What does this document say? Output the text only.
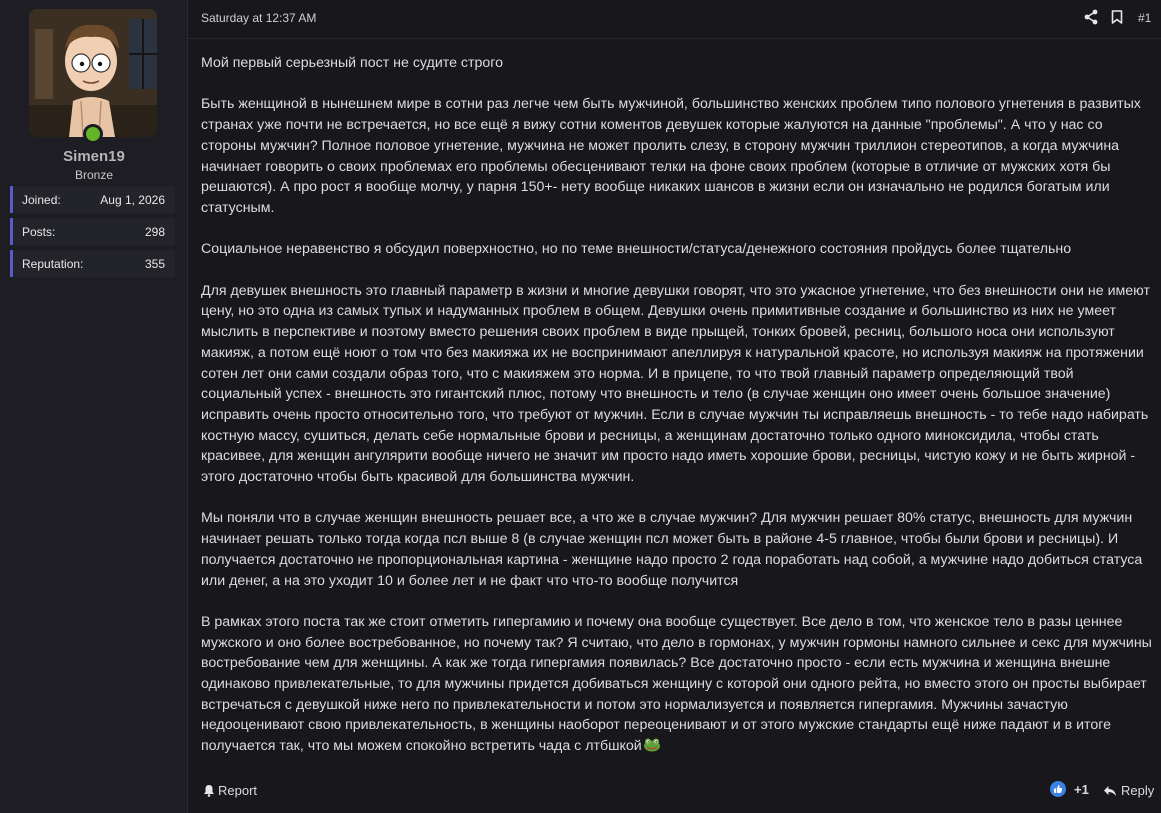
Simen19
Bronze
Joined:	Aug 1, 2026
Posts:	298
Reputation:	355
Saturday at 12:37 AM	#1

Мой первый серьезный пост не судите строго

Быть женщиной в нынешнем мире в сотни раз легче чем быть мужчиной, большинство женских проблем типо полового угнетения в развитых странах уже почти не встречается, но все ещё я вижу сотни коментов девушек которые жалуются на данные "проблемы". А что у нас со стороны мужчин? Полное половое угнетение, мужчина не может пролить слезу, в сторону мужчин триллион стереотипов, а когда мужчина начинает говорить о своих проблемах его проблемы обесценивают телки на фоне своих проблем (которые в отличие от мужских хотя бы решаются). А про рост я вообще молчу, у парня 150+- нету вообще никаких шансов в жизни если он изначально не родился богатым или статусным.

Социальное неравенство я обсудил поверхностно, но по теме внешности/статуса/денежного состояния пройдусь более тщательно

Для девушек внешность это главный параметр в жизни и многие девушки говорят, что это ужасное угнетение, что без внешности они не имеют цену, но это одна из самых тупых и надуманных проблем в общем. Девушки очень примитивные создание и большинство из них не умеет мыслить в перспективе и поэтому вместо решения своих проблем в виде прыщей, тонких бровей, ресниц, большого носа они используют макияж, а потом ещё ноют о том что без макияжа их не воспринимают апеллируя к натуральной красоте, но используя макияж на протяжении сотен лет они сами создали образ того, что с макияжем это норма. И в прицепе, то что твой главный параметр определяющий твой социальный успех - внешность это гигантский плюс, потому что внешность и тело (в случае женщин оно имеет очень большое значение) исправить очень просто относительно того, что требуют от мужчин. Если в случае мужчин ты исправляешь внешность - то тебе надо набирать костную массу, сушиться, делать себе нормальные брови и ресницы, а женщинам достаточно только одного миноксидила, чтобы стать красивее, для женщин ангулярити вообще ничего не значит им просто надо иметь хорошие брови, ресницы, чистую кожу и не быть жирной - этого достаточно чтобы быть красивой для большинства мужчин.

Мы поняли что в случае женщин внешность решает все, а что же в случае мужчин? Для мужчин решает 80% статус, внешность для мужчин начинает решать только тогда когда псл выше 8 (в случае женщин псл может быть в районе 4-5 главное, чтобы были брови и ресницы). И получается достаточно не пропорциональная картина - женщине надо просто 2 года поработать над собой, а мужчине надо добиться статуса или денег, а на это уходит 10 и более лет и не факт что что-то вообще получится

В рамках этого поста так же стоит отметить гипергамию и почему она вообще существует. Все дело в том, что женское тело в разы ценнее мужского и оно более востребованное, но почему так? Я считаю, что дело в гормонах, у мужчин гормоны намного сильнее и секс для мужчины востребование чем для женщины. А как же тогда гипергамия появилась? Все достаточно просто - если есть мужчина и женщина внешне одинаково привлекательные, то для мужчины придется добиваться женщину с которой они одного рейта, но вместо этого он просты выбирает встречаться с девушкой ниже него по привлекательности и потом это нормализуется и появляется гипергамия. Мужчины зачастую недооценивают свою привлекательность, в женщины наоборот переоценивают и от этого мужские стандарты ещё ниже падают и в итоге получается так, что мы можем спокойно встретить чада с лтбшкой

Report	+1 Reply
